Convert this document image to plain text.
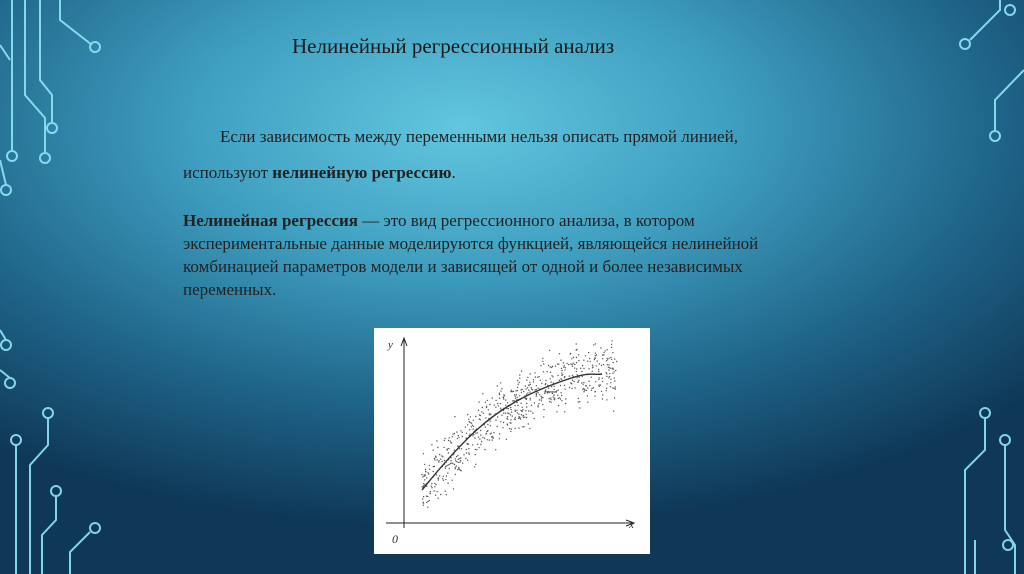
Нелинейный регрессионный анализ
Если зависимость между переменными нельзя описать прямой линией,
используют нелинейную регрессию.
Нелинейная регрессия — это вид регрессионного анализа, в котором экспериментальные данные моделируются функцией, являющейся нелинейной комбинацией параметров модели и зависящей от одной и более независимых переменных.
y
x
0
